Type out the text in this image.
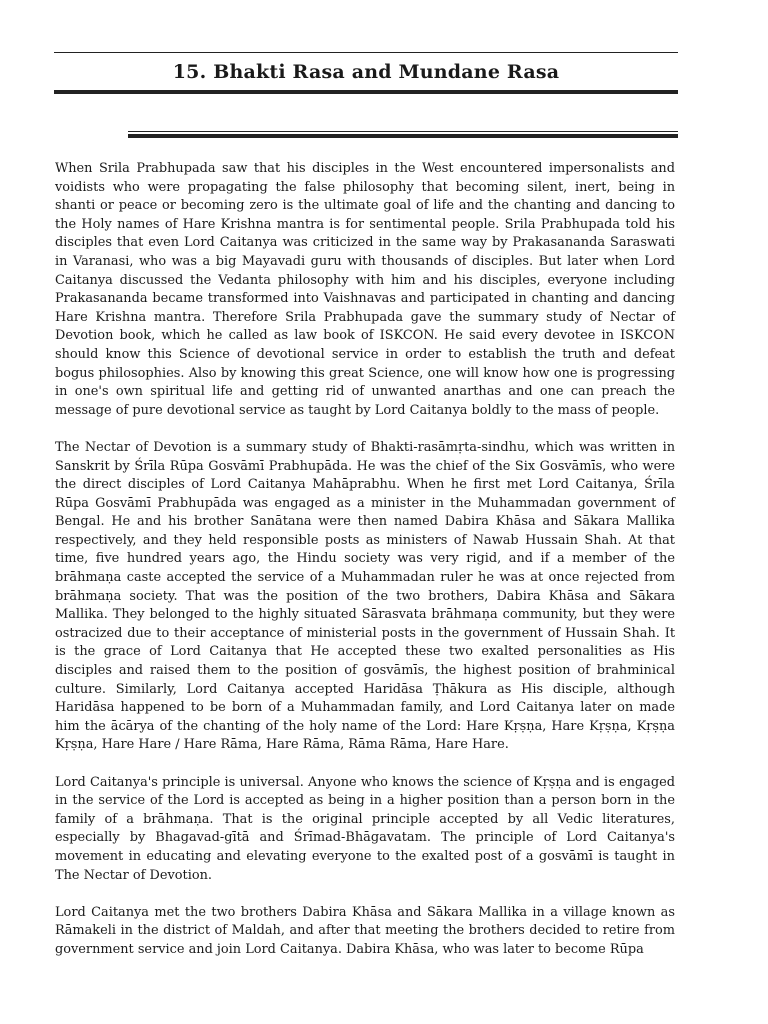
15. Bhakti Rasa and Mundane Rasa

When Srila Prabhupada saw that his disciples in the West encountered impersonalists and voidists who were propagating the false philosophy that becoming silent, inert, being in shanti or peace or becoming zero is the ultimate goal of life and the chanting and dancing to the Holy names of Hare Krishna mantra is for sentimental people. Srila Prabhupada told his disciples that even Lord Caitanya was criticized in the same way by Prakasananda Saraswati in Varanasi, who was a big Mayavadi guru with thousands of disciples. But later when Lord Caitanya discussed the Vedanta philosophy with him and his disciples, everyone including Prakasananda became transformed into Vaishnavas and participated in chanting and dancing Hare Krishna mantra. Therefore Srila Prabhupada gave the summary study of Nectar of Devotion book, which he called as law book of ISKCON. He said every devotee in ISKCON should know this Science of devotional service in order to establish the truth and defeat bogus philosophies. Also by knowing this great Science, one will know how one is progressing in one's own spiritual life and getting rid of unwanted anarthas and one can preach the message of pure devotional service as taught by Lord Caitanya boldly to the mass of people.

The Nectar of Devotion is a summary study of Bhakti-rasāmṛta-sindhu, which was written in Sanskrit by Śrīla Rūpa Gosvāmī Prabhupāda. He was the chief of the Six Gosvāmīs, who were the direct disciples of Lord Caitanya Mahāprabhu. When he first met Lord Caitanya, Śrīla Rūpa Gosvāmī Prabhupāda was engaged as a minister in the Muhammadan government of Bengal. He and his brother Sanātana were then named Dabira Khāsa and Sākara Mallika respectively, and they held responsible posts as ministers of Nawab Hussain Shah. At that time, five hundred years ago, the Hindu society was very rigid, and if a member of the brāhmaṇa caste accepted the service of a Muhammadan ruler he was at once rejected from brāhmaṇa society. That was the position of the two brothers, Dabira Khāsa and Sākara Mallika. They belonged to the highly situated Sārasvata brāhmaṇa community, but they were ostracized due to their acceptance of ministerial posts in the government of Hussain Shah. It is the grace of Lord Caitanya that He accepted these two exalted personalities as His disciples and raised them to the position of gosvāmīs, the highest position of brahminical culture. Similarly, Lord Caitanya accepted Haridāsa Ṭhākura as His disciple, although Haridāsa happened to be born of a Muhammadan family, and Lord Caitanya later on made him the ācārya of the chanting of the holy name of the Lord: Hare Kṛṣṇa, Hare Kṛṣṇa, Kṛṣṇa Kṛṣṇa, Hare Hare / Hare Rāma, Hare Rāma, Rāma Rāma, Hare Hare.

Lord Caitanya's principle is universal. Anyone who knows the science of Kṛṣṇa and is engaged in the service of the Lord is accepted as being in a higher position than a person born in the family of a brāhmaṇa. That is the original principle accepted by all Vedic literatures, especially by Bhagavad-gītā and Śrīmad-Bhāgavatam. The principle of Lord Caitanya's movement in educating and elevating everyone to the exalted post of a gosvāmī is taught in The Nectar of Devotion.

Lord Caitanya met the two brothers Dabira Khāsa and Sākara Mallika in a village known as Rāmakeli in the district of Maldah, and after that meeting the brothers decided to retire from government service and join Lord Caitanya. Dabira Khāsa, who was later to become Rūpa
